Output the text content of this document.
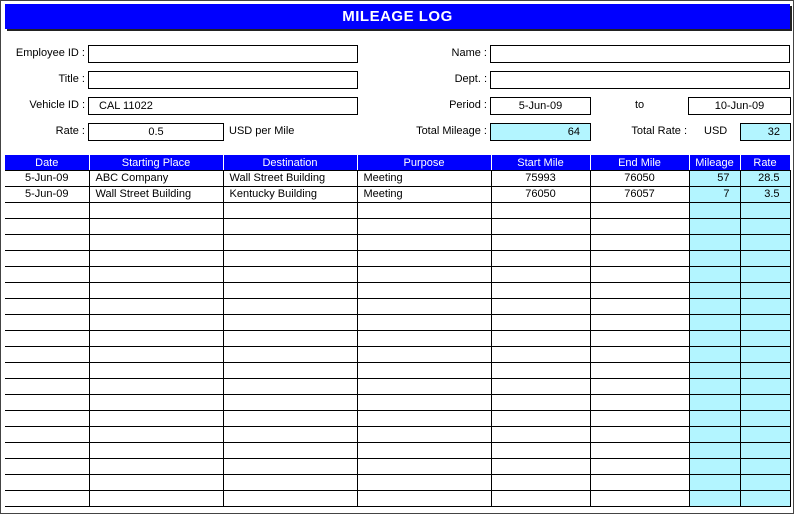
MILEAGE LOG
Employee ID :
Title :
Vehicle ID :	CAL 11022
Rate :	0.5	USD per Mile
Name :
Dept. :
Period :	5-Jun-09	to	10-Jun-09
Total Mileage :	64	Total Rate : USD	32
Date	Starting Place	Destination	Purpose	Start Mile	End Mile	Mileage	Rate
5-Jun-09	ABC Company	Wall Street Building	Meeting	75993	76050	57	28.5
5-Jun-09	Wall Street Building	Kentucky Building	Meeting	76050	76057	7	3.5
